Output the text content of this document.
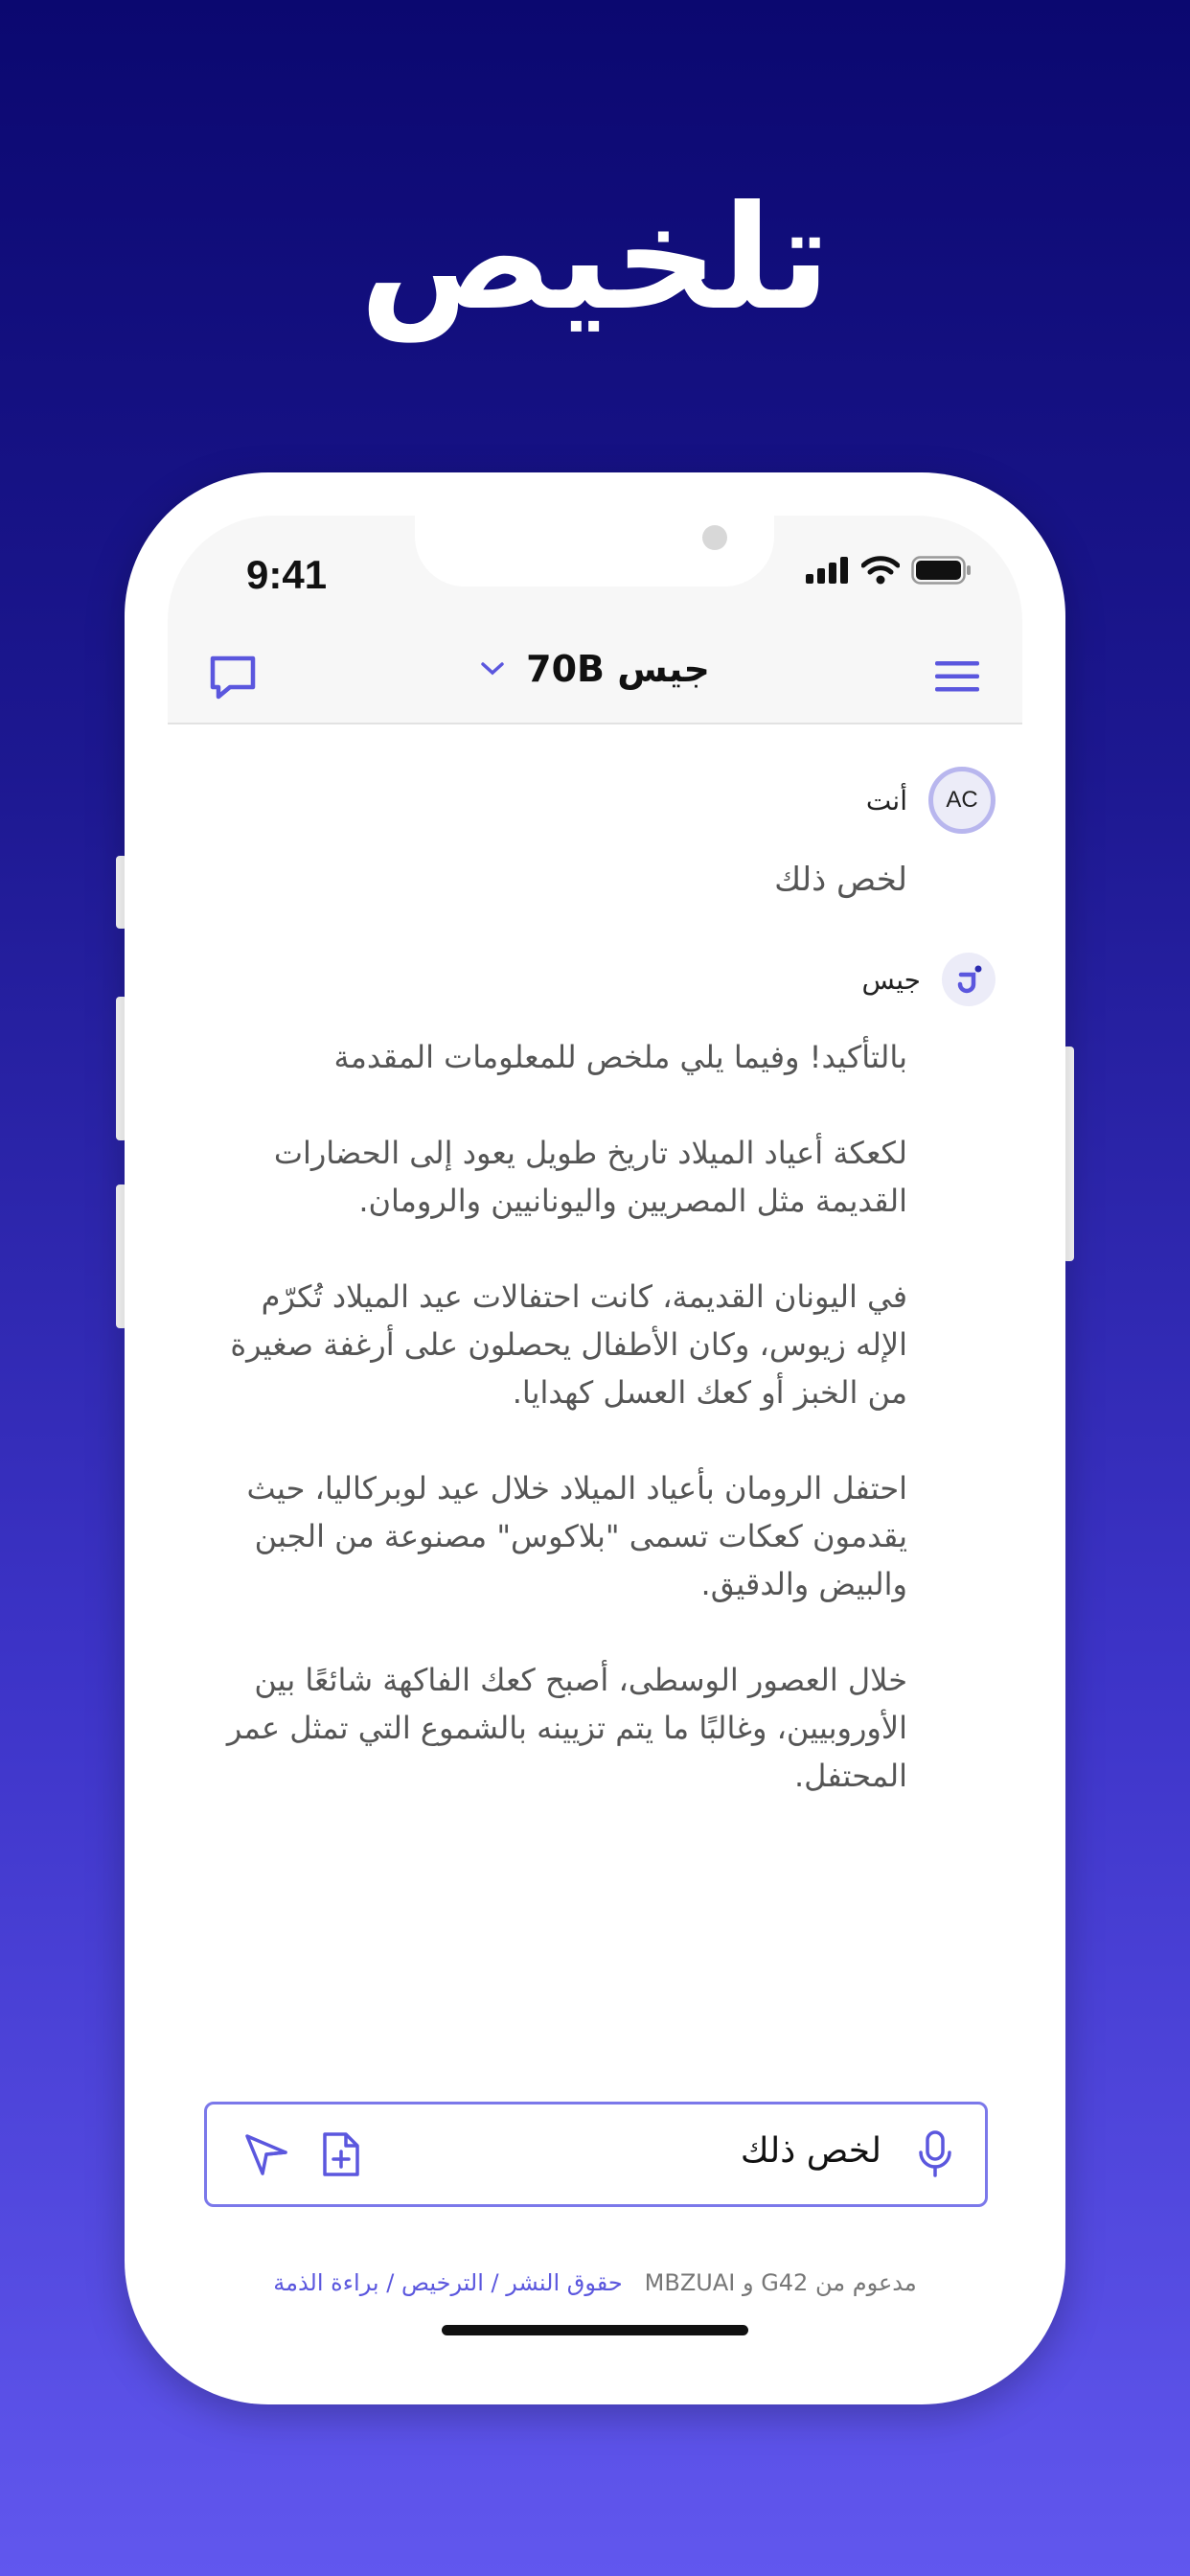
تلخيص
9:41
جيس 70B
أنت	AC
لخص ذلك
جيس

بالتأكيد! وفيما يلي ملخص للمعلومات المقدمة

لكعكة أعياد الميلاد تاريخ طويل يعود إلى الحضارات القديمة مثل المصريين واليونانيين والرومان.

في اليونان القديمة، كانت احتفالات عيد الميلاد تُكرّم الإله زيوس، وكان الأطفال يحصلون على أرغفة صغيرة من الخبز أو كعك العسل كهدايا.

احتفل الرومان بأعياد الميلاد خلال عيد لوبركاليا، حيث يقدمون كعكات تسمى "بلاكوس" مصنوعة من الجبن والبيض والدقيق.

خلال العصور الوسطى، أصبح كعك الفاكهة شائعًا بين الأوروبيين، وغالبًا ما يتم تزيينه بالشموع التي تمثل عمر المحتفل.

لخص ذلك
مدعوم من G42 و MBZUAI   حقوق النشر / الترخيص / براءة الذمة
